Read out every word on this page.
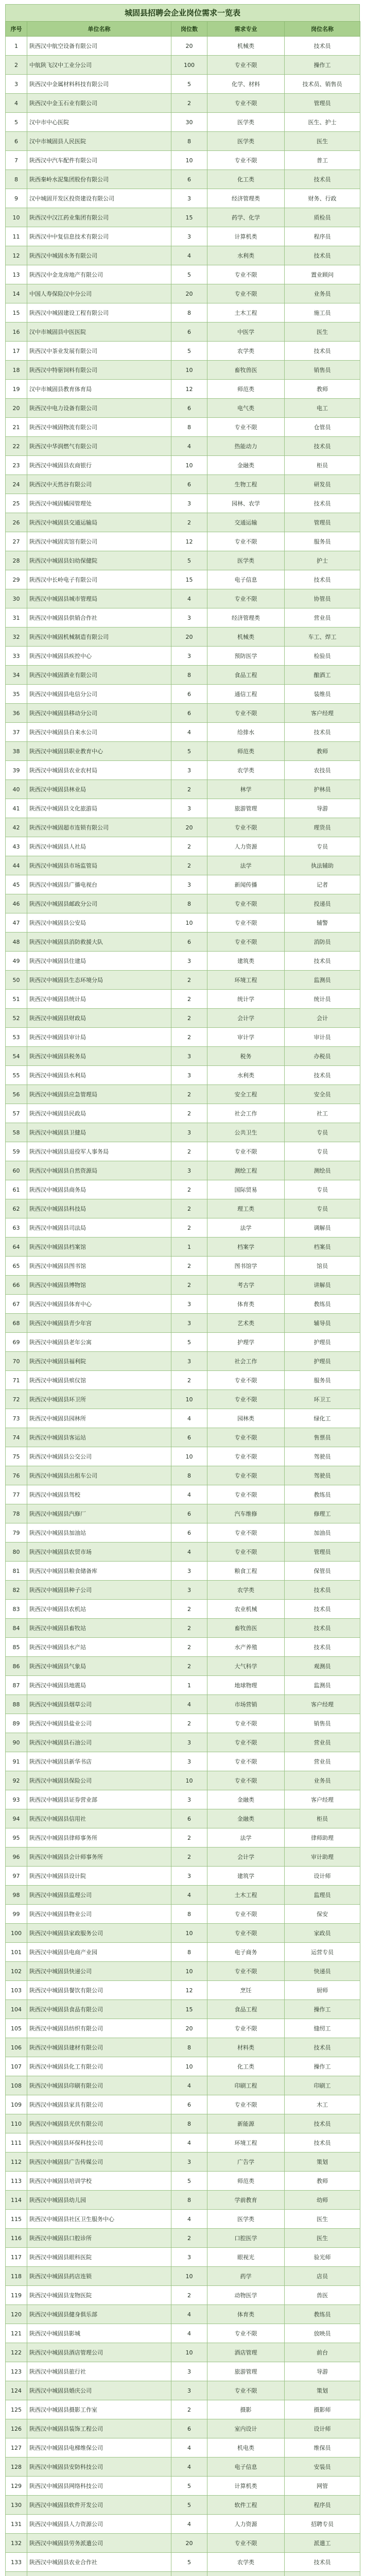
城固县招聘会企业岗位需求一览表
序号	单位名称	岗位数	需求专业	岗位名称
1	陕西汉中航空设备有限公司	20	机械类	技术员
2	中航陕飞汉中工业分公司	100	专业不限	操作工
3	陕西汉中金属材料科技有限公司	5	化学、材料	技术员、销售员
4	陕西汉中金玉石业有限公司	2	专业不限	管理员
5	汉中市中心医院	30	医学类	医生、护士
6	汉中市城固县人民医院	8	医学类	医生
7	陕西汉中汽车配件有限公司	10	专业不限	普工
8	陕西秦岭水泥集团股份有限公司	6	化工类	技术员
9	汉中城固开发区投资建设有限公司	3	经济管理类	财务、行政
10	陕西汉中汉江药业集团有限公司	15	药学、化学	质检员
11	陕西汉中中复信息技术有限公司	3	计算机类	程序员
12	陕西汉中城固水务有限公司	4	水利类	技术员
13	陕西汉中金龙房地产有限公司	5	专业不限	置业顾问
14	中国人寿保险汉中分公司	20	专业不限	业务员
15	陕西汉中城固建设工程有限公司	8	土木工程	施工员
16	汉中市城固县中医医院	6	中医学	医生
17	陕西汉中茶业发展有限公司	5	农学类	技术员
18	陕西汉中特驱饲料有限公司	10	畜牧兽医	销售员
19	汉中市城固县教育体育局	12	师范类	教师
20	陕西汉中电力设备有限公司	6	电气类	电工
21	陕西汉中城固物流有限公司	8	专业不限	仓管员
22	陕西汉中华润燃气有限公司	4	热能动力	技术员
23	陕西汉中城固县农商银行	10	金融类	柜员
24	陕西汉中天然谷有限公司	6	生物工程	研发员
25	陕西汉中城固橘园管理处	3	园林、农学	技术员
26	陕西汉中城固县交通运输局	2	交通运输	管理员
27	陕西汉中城固宾馆有限公司	12	专业不限	服务员
28	陕西汉中城固县妇幼保健院	5	医学类	护士
29	陕西汉中长岭电子有限公司	15	电子信息	技术员
30	陕西汉中城固县城市管理局	4	专业不限	协管员
31	陕西汉中城固县供销合作社	3	经济管理类	营业员
32	陕西汉中城固机械制造有限公司	20	机械类	车工、焊工
33	陕西汉中城固县疾控中心	3	预防医学	检验员
34	陕西汉中城固酒业有限公司	8	食品工程	酿酒工
35	陕西汉中城固县电信分公司	6	通信工程	装维员
36	陕西汉中城固县移动分公司	6	专业不限	客户经理
37	陕西汉中城固县自来水公司	4	给排水	技术员
38	陕西汉中城固县职业教育中心	5	师范类	教师
39	陕西汉中城固县农业农村局	3	农学类	农技员
40	陕西汉中城固县林业局	2	林学	护林员
41	陕西汉中城固县文化旅游局	3	旅游管理	导游
42	陕西汉中城固超市连锁有限公司	20	专业不限	理货员
43	陕西汉中城固县人社局	2	人力资源	专员
44	陕西汉中城固县市场监管局	2	法学	执法辅助
45	陕西汉中城固县广播电视台	3	新闻传播	记者
46	陕西汉中城固县邮政分公司	8	专业不限	投递员
47	陕西汉中城固县公安局	10	专业不限	辅警
48	陕西汉中城固县消防救援大队	6	专业不限	消防员
49	陕西汉中城固县住建局	3	建筑类	技术员
50	陕西汉中城固县生态环境分局	2	环境工程	监测员
51	陕西汉中城固县统计局	2	统计学	统计员
52	陕西汉中城固县财政局	2	会计学	会计
53	陕西汉中城固县审计局	2	审计学	审计员
54	陕西汉中城固县税务局	3	税务	办税员
55	陕西汉中城固县水利局	3	水利类	技术员
56	陕西汉中城固县应急管理局	2	安全工程	安全员
57	陕西汉中城固县民政局	2	社会工作	社工
58	陕西汉中城固县卫健局	3	公共卫生	专员
59	陕西汉中城固县退役军人事务局	2	专业不限	专员
60	陕西汉中城固县自然资源局	3	测绘工程	测绘员
61	陕西汉中城固县商务局	2	国际贸易	专员
62	陕西汉中城固县科技局	2	理工类	专员
63	陕西汉中城固县司法局	2	法学	调解员
64	陕西汉中城固县档案馆	1	档案学	档案员
65	陕西汉中城固县图书馆	2	图书馆学	馆员
66	陕西汉中城固县博物馆	2	考古学	讲解员
67	陕西汉中城固县体育中心	3	体育类	教练员
68	陕西汉中城固县青少年宫	3	艺术类	辅导员
69	陕西汉中城固县老年公寓	5	护理学	护理员
70	陕西汉中城固县福利院	3	社会工作	护理员
71	陕西汉中城固县殡仪馆	2	专业不限	服务员
72	陕西汉中城固县环卫所	10	专业不限	环卫工
73	陕西汉中城固县园林所	4	园林类	绿化工
74	陕西汉中城固县客运站	6	专业不限	售票员
75	陕西汉中城固县公交公司	10	专业不限	驾驶员
76	陕西汉中城固县出租车公司	8	专业不限	驾驶员
77	陕西汉中城固县驾校	4	专业不限	教练员
78	陕西汉中城固县汽修厂	6	汽车维修	修理工
79	陕西汉中城固县加油站	6	专业不限	加油员
80	陕西汉中城固县农贸市场	4	专业不限	管理员
81	陕西汉中城固县粮食储备库	3	粮食工程	保管员
82	陕西汉中城固县种子公司	3	农学类	技术员
83	陕西汉中城固县农机站	2	农业机械	技术员
84	陕西汉中城固县畜牧站	2	畜牧兽医	技术员
85	陕西汉中城固县水产站	2	水产养殖	技术员
86	陕西汉中城固县气象局	2	大气科学	观测员
87	陕西汉中城固县地震局	1	地球物理	监测员
88	陕西汉中城固县烟草公司	4	市场营销	客户经理
89	陕西汉中城固县盐业公司	2	专业不限	销售员
90	陕西汉中城固县石油公司	3	专业不限	营业员
91	陕西汉中城固县新华书店	3	专业不限	营业员
92	陕西汉中城固县保险公司	10	专业不限	业务员
93	陕西汉中城固县证券营业部	3	金融类	客户经理
94	陕西汉中城固县信用社	6	金融类	柜员
95	陕西汉中城固县律师事务所	2	法学	律师助理
96	陕西汉中城固县会计师事务所	2	会计学	审计助理
97	陕西汉中城固县设计院	3	建筑学	设计师
98	陕西汉中城固县监理公司	4	土木工程	监理员
99	陕西汉中城固县物业公司	8	专业不限	保安
100	陕西汉中城固县家政服务公司	10	专业不限	家政员
101	陕西汉中城固县电商产业园	8	电子商务	运营专员
102	陕西汉中城固县快递公司	10	专业不限	快递员
103	陕西汉中城固县餐饮有限公司	12	烹饪	厨师
104	陕西汉中城固县食品有限公司	15	食品工程	操作工
105	陕西汉中城固县纺织有限公司	20	专业不限	缝纫工
106	陕西汉中城固县建材有限公司	8	材料类	技术员
107	陕西汉中城固县化工有限公司	10	化工类	操作工
108	陕西汉中城固县印刷有限公司	4	印刷工程	印刷工
109	陕西汉中城固县家具有限公司	6	专业不限	木工
110	陕西汉中城固县光伏有限公司	8	新能源	技术员
111	陕西汉中城固县环保科技公司	4	环境工程	技术员
112	陕西汉中城固县广告传媒公司	3	广告学	策划
113	陕西汉中城固县培训学校	5	师范类	教师
114	陕西汉中城固县幼儿园	8	学前教育	幼师
115	陕西汉中城固县社区卫生服务中心	4	医学类	医生
116	陕西汉中城固县口腔诊所	2	口腔医学	医生
117	陕西汉中城固县眼科医院	3	眼视光	验光师
118	陕西汉中城固县药店连锁	10	药学	店员
119	陕西汉中城固县宠物医院	2	动物医学	兽医
120	陕西汉中城固县健身俱乐部	4	体育类	教练员
121	陕西汉中城固县影城	4	专业不限	放映员
122	陕西汉中城固县酒店管理公司	10	酒店管理	前台
123	陕西汉中城固县旅行社	3	旅游管理	导游
124	陕西汉中城固县婚庆公司	3	专业不限	策划
125	陕西汉中城固县摄影工作室	2	摄影	摄影师
126	陕西汉中城固县装饰工程公司	6	室内设计	设计师
127	陕西汉中城固县电梯维保公司	4	机电类	维保员
128	陕西汉中城固县安防科技公司	4	电子信息	安装员
129	陕西汉中城固县网络科技公司	5	计算机类	网管
130	陕西汉中城固县软件开发公司	5	软件工程	程序员
131	陕西汉中城固县人力资源公司	4	人力资源	招聘专员
132	陕西汉中城固县劳务派遣公司	20	专业不限	派遣工
133	陕西汉中城固县农业合作社	5	农学类	技术员
